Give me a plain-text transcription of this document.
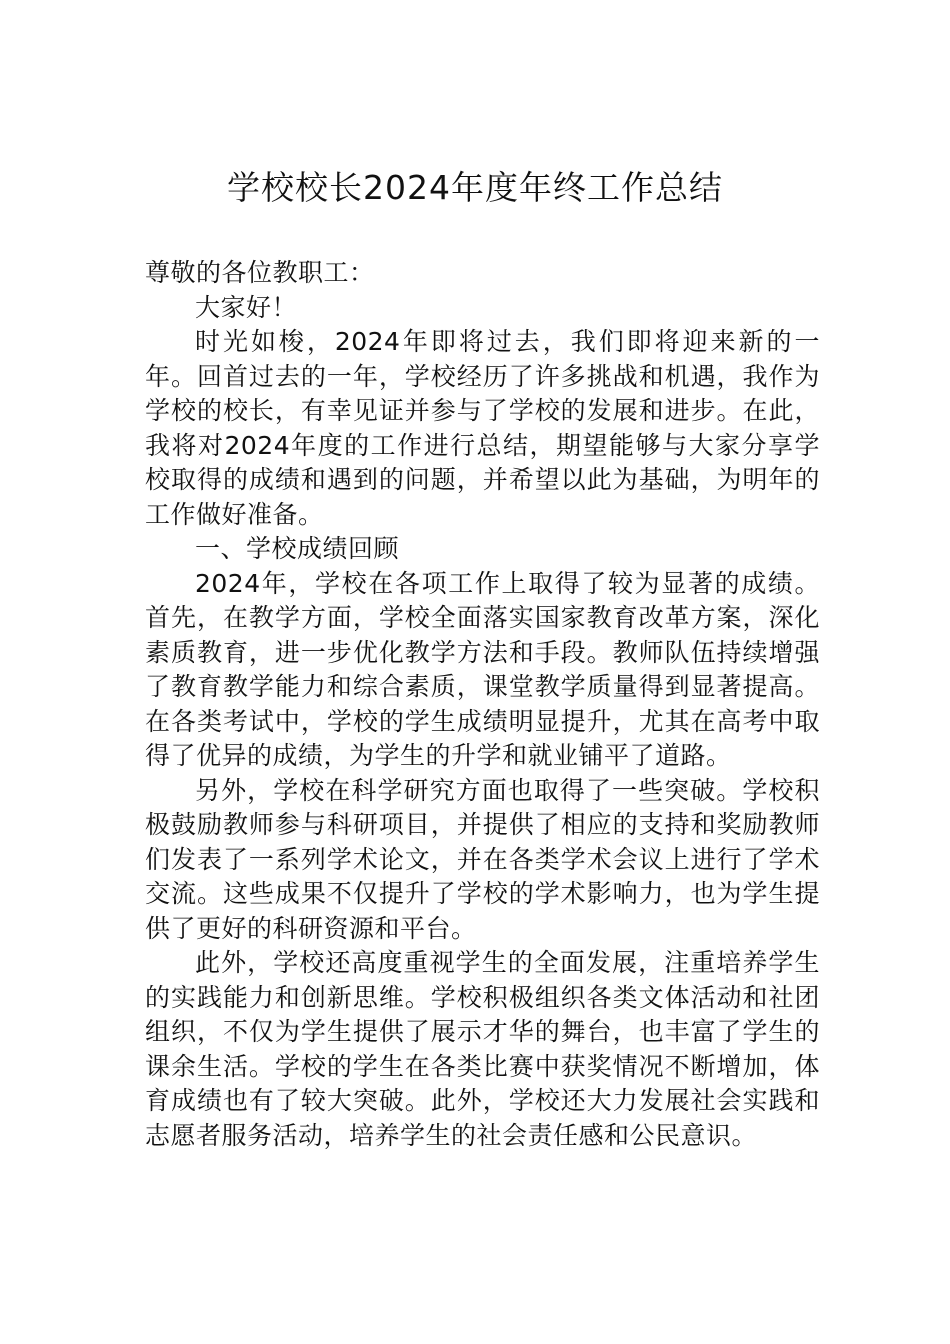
学校校长2024年度年终工作总结

尊敬的各位教职工：

大家好！

时光如梭，2024年即将过去，我们即将迎来新的一年。回首过去的一年，学校经历了许多挑战和机遇，我作为学校的校长，有幸见证并参与了学校的发展和进步。在此，我将对2024年度的工作进行总结，期望能够与大家分享学校取得的成绩和遇到的问题，并希望以此为基础，为明年的工作做好准备。

一、学校成绩回顾

2024年，学校在各项工作上取得了较为显著的成绩。首先，在教学方面，学校全面落实国家教育改革方案，深化素质教育，进一步优化教学方法和手段。教师队伍持续增强了教育教学能力和综合素质，课堂教学质量得到显著提高。在各类考试中，学校的学生成绩明显提升，尤其在高考中取得了优异的成绩，为学生的升学和就业铺平了道路。

另外，学校在科学研究方面也取得了一些突破。学校积极鼓励教师参与科研项目，并提供了相应的支持和奖励教师们发表了一系列学术论文，并在各类学术会议上进行了学术交流。这些成果不仅提升了学校的学术影响力，也为学生提供了更好的科研资源和平台。

此外，学校还高度重视学生的全面发展，注重培养学生的实践能力和创新思维。学校积极组织各类文体活动和社团组织，不仅为学生提供了展示才华的舞台，也丰富了学生的课余生活。学校的学生在各类比赛中获奖情况不断增加，体育成绩也有了较大突破。此外，学校还大力发展社会实践和志愿者服务活动，培养学生的社会责任感和公民意识。
